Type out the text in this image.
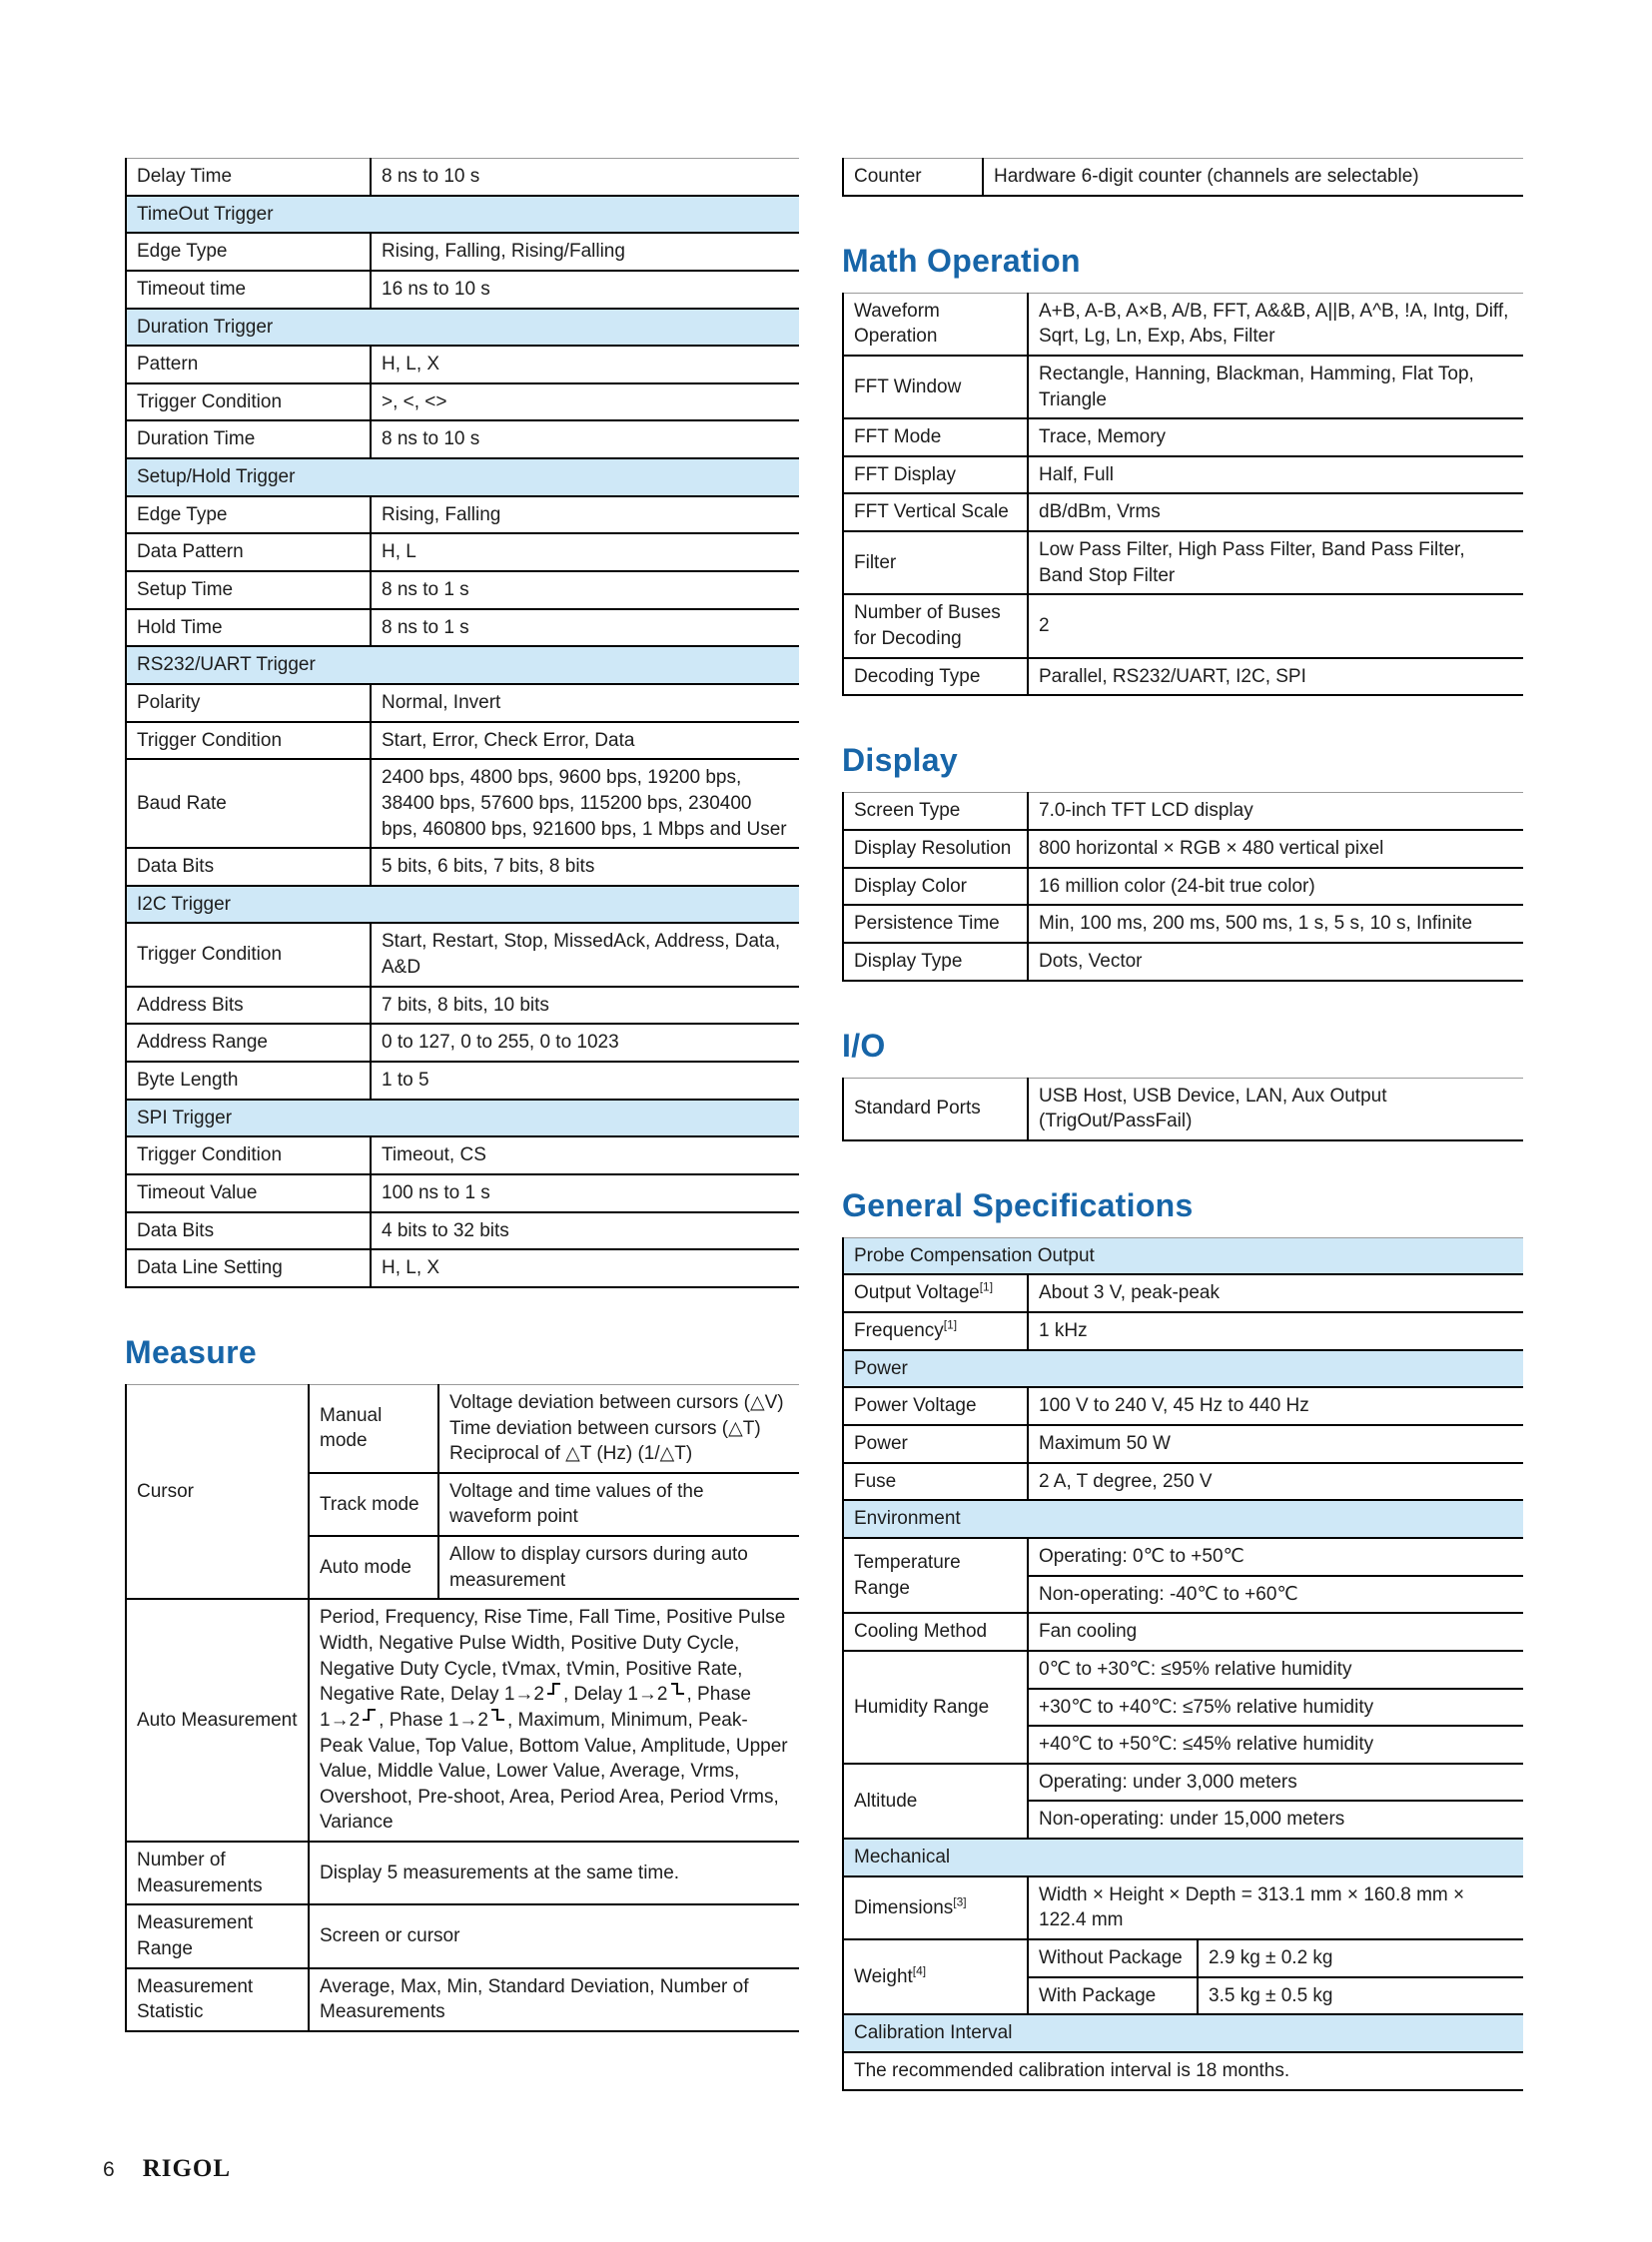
Delay Time	8 ns to 10 s
TimeOut Trigger	
Edge Type	Rising, Falling, Rising/Falling
Timeout time	16 ns to 10 s
Duration Trigger	
Pattern	H, L, X
Trigger Condition	>, <, <>
Duration Time	8 ns to 10 s
Setup/Hold Trigger	
Edge Type	Rising, Falling
Data Pattern	H, L
Setup Time	8 ns to 1 s
Hold Time	8 ns to 1 s
RS232/UART Trigger	
Polarity	Normal, Invert
Trigger Condition	Start, Error, Check Error, Data
Baud Rate	2400 bps, 4800 bps, 9600 bps, 19200 bps, 38400 bps, 57600 bps, 115200 bps, 230400 bps, 460800 bps, 921600 bps, 1 Mbps and User
Data Bits	5 bits, 6 bits, 7 bits, 8 bits
I2C Trigger	
Trigger Condition	Start, Restart, Stop, MissedAck, Address, Data, A&D
Address Bits	7 bits, 8 bits, 10 bits
Address Range	0 to 127, 0 to 255, 0 to 1023
Byte Length	1 to 5
SPI Trigger	
Trigger Condition	Timeout, CS
Timeout Value	100 ns to 1 s
Data Bits	4 bits to 32 bits
Data Line Setting	H, L, X
Measure
Cursor	Manual mode	Voltage deviation between cursors (△V)
Time deviation between cursors (△T)
Reciprocal of △T (Hz) (1/△T)

	Track mode	Voltage and time values of the waveform point

	Auto mode	Allow to display cursors during auto measurement

Auto Measurement	Period, Frequency, Rise Time, Fall Time, Positive Pulse Width, Negative Pulse Width, Positive Duty Cycle, Negative Duty Cycle, tVmax, tVmin, Positive Rate, Negative Rate, Delay 1→2 , Delay 1→2 , Phase 1→2 , Phase 1→2 , Maximum, Minimum, Peak-Peak Value, Top Value, Bottom Value, Amplitude, Upper Value, Middle Value, Lower Value, Average, Vrms, Overshoot, Pre-shoot, Area, Period Area, Period Vrms, Variance	
Number of Measurements	Display 5 measurements at the same time.	
Measurement Range	Screen or cursor	
Measurement Statistic	Average, Max, Min, Standard Deviation, Number of Measurements	
Counter	Hardware 6-digit counter (channels are selectable)
Math Operation
Waveform Operation	A+B, A-B, A×B, A/B, FFT, A&&B, A||B, A^B, !A, Intg, Diff, Sqrt, Lg, Ln, Exp, Abs, Filter
FFT Window	Rectangle, Hanning, Blackman, Hamming, Flat Top, Triangle
FFT Mode	Trace, Memory
FFT Display	Half, Full
FFT Vertical Scale	dB/dBm, Vrms
Filter	Low Pass Filter, High Pass Filter, Band Pass Filter, Band Stop Filter
Number of Buses for Decoding	2
Decoding Type	Parallel, RS232/UART, I2C, SPI
Display
Screen Type	7.0-inch TFT LCD display
Display Resolution	800 horizontal × RGB × 480 vertical pixel
Display Color	16 million color (24-bit true color)
Persistence Time	Min, 100 ms, 200 ms, 500 ms, 1 s, 5 s, 10 s, Infinite
Display Type	Dots, Vector
I/O
Standard Ports	USB Host, USB Device, LAN, Aux Output (TrigOut/PassFail)
General Specifications
Probe Compensation Output		
Output Voltage[1]	About 3 V, peak-peak	
Frequency[1]	1 kHz	
Power		
Power Voltage	100 V to 240 V, 45 Hz to 440 Hz	
Power	Maximum 50 W	
Fuse	2 A, T degree, 250 V	
Environment		
Temperature Range	Operating: 0℃ to +50℃	
	Non-operating: -40℃ to +60℃	
Cooling Method	Fan cooling	
Humidity Range	0℃ to +30℃: ≤95% relative humidity	
	+30℃ to +40℃: ≤75% relative humidity	
	+40℃ to +50℃: ≤45% relative humidity	
Altitude	Operating: under 3,000 meters	
	Non-operating: under 15,000 meters	
Mechanical		
Dimensions[3]	Width × Height × Depth = 313.1 mm × 160.8 mm × 122.4 mm	
Weight[4]	Without Package	2.9 kg ± 0.2 kg
	With Package	3.5 kg ± 0.5 kg
Calibration Interval		
The recommended calibration interval is 18 months.		
6 RIGOL
